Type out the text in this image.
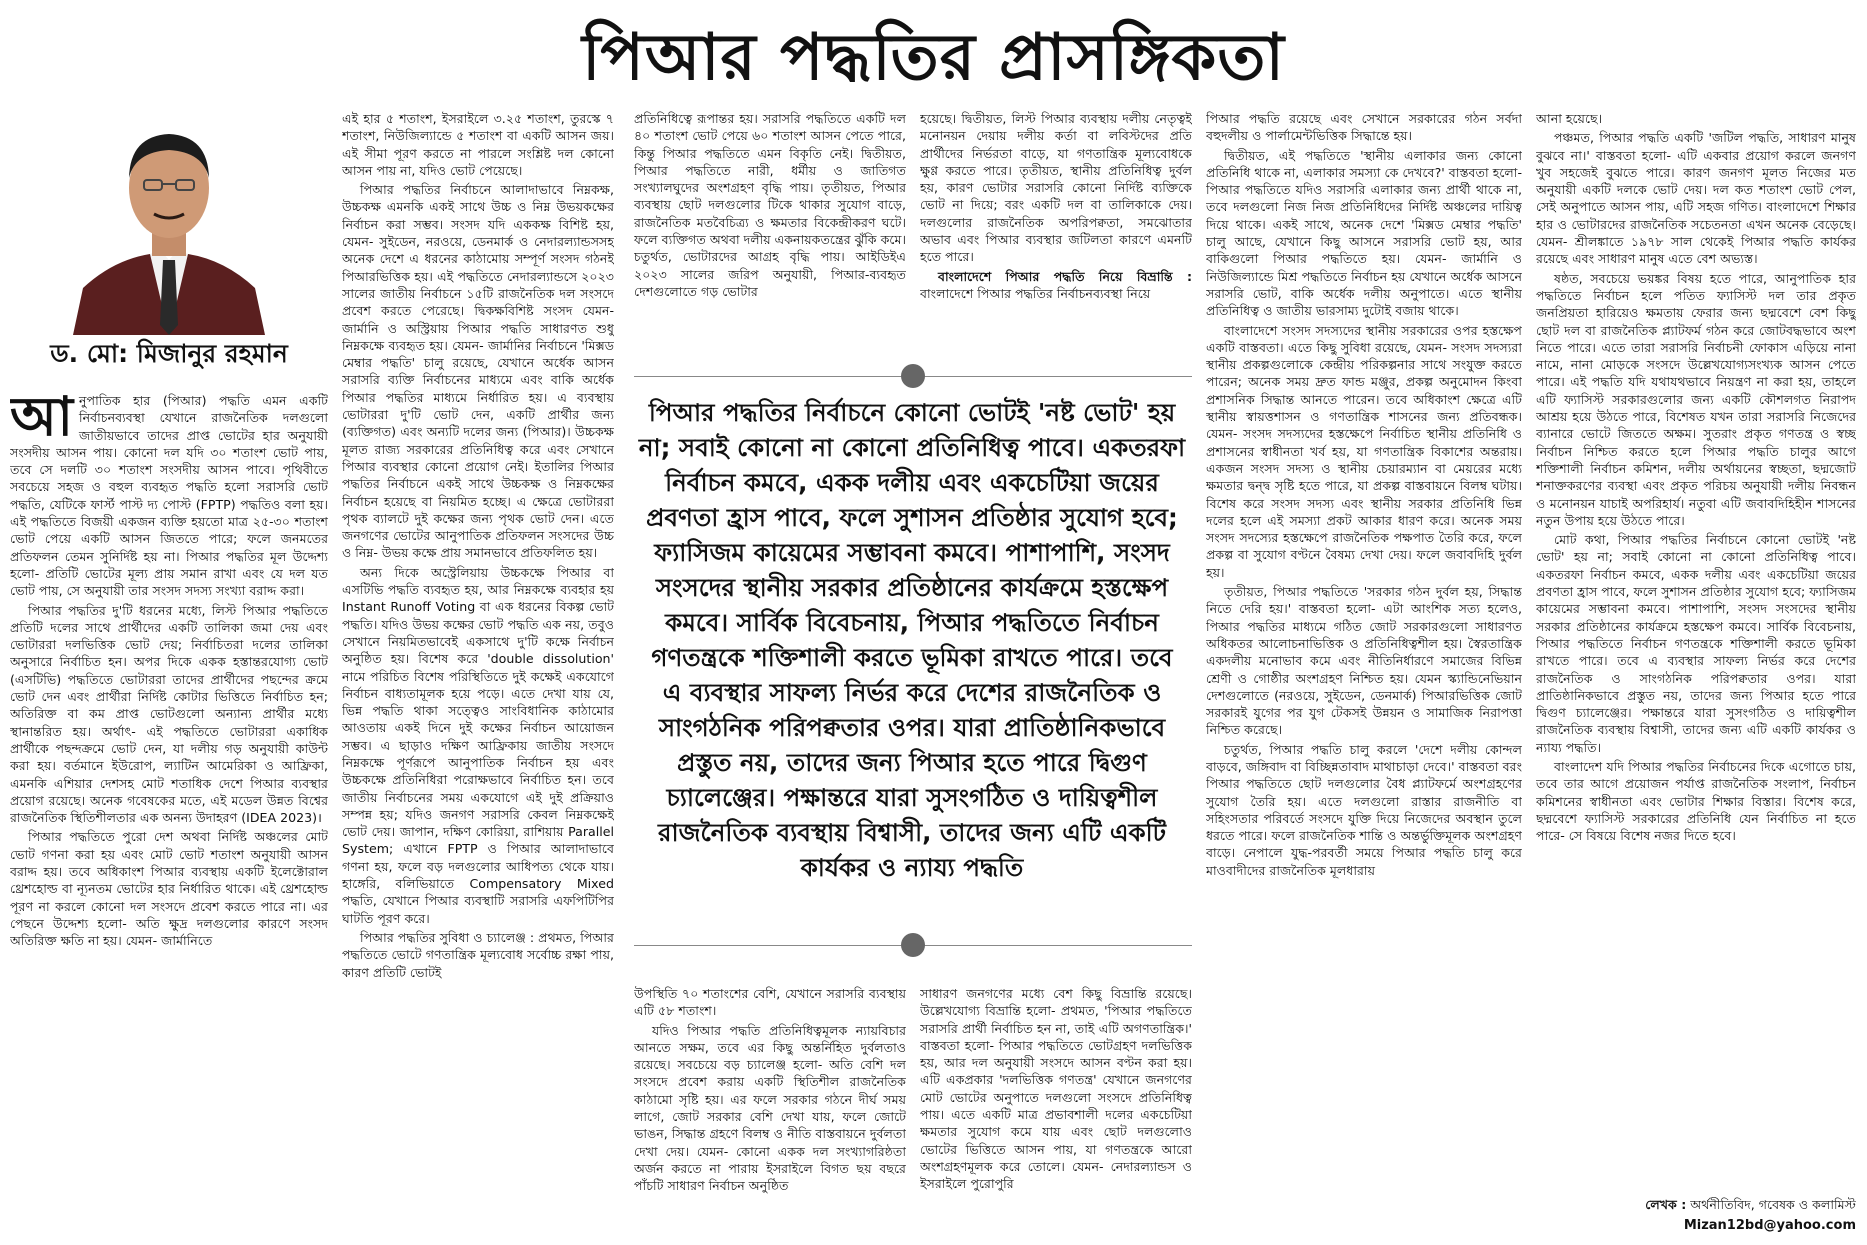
পিআর পদ্ধতির প্রাসঙ্গিকতা
ড. মো: মিজানুর রহমান

আনুপাতিক হার (পিআর) পদ্ধতি এমন একটি নির্বাচনব্যবস্থা যেখানে রাজনৈতিক দলগুলো জাতীয়ভাবে তাদের প্রাপ্ত ভোটের হার অনুযায়ী সংসদীয় আসন পায়। কোনো দল যদি ৩০ শতাংশ ভোট পায়, তবে সে দলটি ৩০ শতাংশ সংসদীয় আসন পাবে। পৃথিবীতে সবচেয়ে সহজ ও বহুল ব্যবহৃত পদ্ধতি হলো সরাসরি ভোট পদ্ধতি, যেটিকে ফার্স্ট পাস্ট দ্য পোস্ট (FPTP) পদ্ধতিও বলা হয়। এই পদ্ধতিতে বিজয়ী একজন ব্যক্তি হয়তো মাত্র ২৫-৩০ শতাংশ ভোট পেয়ে একটি আসন জিততে পারে; ফলে জনমতের প্রতিফলন তেমন সুনির্দিষ্ট হয় না। পিআর পদ্ধতির মূল উদ্দেশ্য হলো- প্রতিটি ভোটের মূল্য প্রায় সমান রাখা এবং যে দল যত ভোট পায়, সে অনুযায়ী তার সংসদ সদস্য সংখ্যা বরাদ্দ করা।

পিআর পদ্ধতির দু'টি ধরনের মধ্যে, লিস্ট পিআর পদ্ধতিতে প্রতিটি দলের সাথে প্রার্থীদের একটি তালিকা জমা দেয় এবং ভোটাররা দলভিত্তিক ভোট দেয়; নির্বাচিতরা দলের তালিকা অনুসারে নির্বাচিত হন। অপর দিকে একক হস্তান্তরযোগ্য ভোট (এসটিভি) পদ্ধতিতে ভোটাররা তাদের প্রার্থীদের পছন্দের ক্রমে ভোট দেন এবং প্রার্থীরা নির্দিষ্ট কোটার ভিত্তিতে নির্বাচিত হন; অতিরিক্ত বা কম প্রাপ্ত ভোটগুলো অন্যান্য প্রার্থীর মধ্যে স্থানান্তরিত হয়। অর্থাৎ- এই পদ্ধতিতে ভোটাররা একাধিক প্রার্থীকে পছন্দক্রমে ভোট দেন, যা দলীয় গড় অনুযায়ী কাউন্ট করা হয়। বর্তমানে ইউরোপ, ল্যাটিন আমেরিকা ও আফ্রিকা, এমনকি এশিয়ার দেশসহ মোট শতাধিক দেশে পিআর ব্যবস্থার প্রয়োগ রয়েছে। অনেক গবেষকের মতে, এই মডেল উন্নত বিশ্বের রাজনৈতিক স্থিতিশীলতার এক অনন্য উদাহরণ (IDEA 2023)।

পিআর পদ্ধতিতে পুরো দেশ অথবা নির্দিষ্ট অঞ্চলের মোট ভোট গণনা করা হয় এবং মোট ভোট শতাংশ অনুযায়ী আসন বরাদ্দ হয়। তবে অধিকাংশ পিআর ব্যবস্থায় একটি ইলেক্টোরাল থ্রেশহোল্ড বা ন্যূনতম ভোটের হার নির্ধারিত থাকে। এই থ্রেশহোল্ড পূরণ না করলে কোনো দল সংসদে প্রবেশ করতে পারে না। এর পেছনে উদ্দেশ্য হলো- অতি ক্ষুদ্র দলগুলোর কারণে সংসদ অতিরিক্ত ক্ষতি না হয়। যেমন- জার্মানিতে

এই হার ৫ শতাংশ, ইসরাইলে ৩.২৫ শতাংশ, তুরস্কে ৭ শতাংশ, নিউজিল্যান্ডে ৫ শতাংশ বা একটি আসন জয়। এই সীমা পূরণ করতে না পারলে সংশ্লিষ্ট দল কোনো আসন পায় না, যদিও ভোট পেয়েছে।

পিআর পদ্ধতির নির্বাচনে আলাদাভাবে নিম্নকক্ষ, উচ্চকক্ষ এমনকি একই সাথে উচ্চ ও নিম্ন উভয়কক্ষের নির্বাচন করা সম্ভব। সংসদ যদি এককক্ষ বিশিষ্ট হয়, যেমন- সুইডেন, নরওয়ে, ডেনমার্ক ও নেদারল্যান্ডসসহ অনেক দেশে এ ধরনের কাঠামোয় সম্পূর্ণ সংসদ গঠনই পিআরভিত্তিক হয়। এই পদ্ধতিতে নেদারল্যান্ডসে ২০২৩ সালের জাতীয় নির্বাচনে ১৫টি রাজনৈতিক দল সংসদে প্রবেশ করতে পেরেছে। দ্বিকক্ষবিশিষ্ট সংসদ যেমন- জার্মানি ও অস্ট্রিয়ায় পিআর পদ্ধতি সাধারণত শুধু নিম্নকক্ষে ব্যবহৃত হয়। যেমন- জার্মানির নির্বাচনে 'মিক্সড মেম্বার পদ্ধতি' চালু রয়েছে, যেখানে অর্ধেক আসন সরাসরি ব্যক্তি নির্বাচনের মাধ্যমে এবং বাকি অর্ধেক পিআর পদ্ধতির মাধ্যমে নির্ধারিত হয়। এ ব্যবস্থায় ভোটাররা দু'টি ভোট দেন, একটি প্রার্থীর জন্য (ব্যক্তিগত) এবং অন্যটি দলের জন্য (পিআর)। উচ্চকক্ষ মূলত রাজ্য সরকারের প্রতিনিধিত্ব করে এবং সেখানে পিআর ব্যবস্থার কোনো প্রয়োগ নেই। ইতালির পিআর পদ্ধতির নির্বাচনে একই সাথে উচ্চকক্ষ ও নিম্নকক্ষের নির্বাচন হয়েছে বা নিয়মিত হচ্ছে। এ ক্ষেত্রে ভোটাররা পৃথক ব্যালটে দুই কক্ষের জন্য পৃথক ভোট দেন। এতে জনগণের ভোটের আনুপাতিক প্রতিফলন সংসদের উচ্চ ও নিম্ন- উভয় কক্ষে প্রায় সমানভাবে প্রতিফলিত হয়।

অন্য দিকে অস্ট্রেলিয়ায় উচ্চকক্ষে পিআর বা এসটিভি পদ্ধতি ব্যবহৃত হয়, আর নিম্নকক্ষে ব্যবহার হয় Instant Runoff Voting বা এক ধরনের বিকল্প ভোট পদ্ধতি। যদিও উভয় কক্ষের ভোট পদ্ধতি এক নয়, তবুও সেখানে নিয়মিতভাবেই একসাথে দু'টি কক্ষে নির্বাচন অনুষ্ঠিত হয়। বিশেষ করে 'double dissolution' নামে পরিচিত বিশেষ পরিস্থিতিতে দুই কক্ষেই একযোগে নির্বাচন বাধ্যতামূলক হয়ে পড়ে। এতে দেখা যায় যে, ভিন্ন পদ্ধতি থাকা সত্ত্বেও সাংবিধানিক কাঠামোর আওতায় একই দিনে দুই কক্ষের নির্বাচন আয়োজন সম্ভব। এ ছাড়াও দক্ষিণ আফ্রিকায় জাতীয় সংসদে নিম্নকক্ষে পূর্ণরূপে আনুপাতিক নির্বাচন হয় এবং উচ্চকক্ষে প্রতিনিধিরা পরোক্ষভাবে নির্বাচিত হন। তবে জাতীয় নির্বাচনের সময় একযোগে এই দুই প্রক্রিয়াও সম্পন্ন হয়; যদিও জনগণ সরাসরি কেবল নিম্নকক্ষেই ভোট দেয়। জাপান, দক্ষিণ কোরিয়া, রাশিয়ায় Parallel System; এখানে FPTP ও পিআর আলাদাভাবে গণনা হয়, ফলে বড় দলগুলোর আধিপত্য থেকে যায়। হাঙ্গেরি, বলিভিয়াতে Compensatory Mixed পদ্ধতি, যেখানে পিআর ব্যবস্থাটি সরাসরি এফপিটিপির ঘাটতি পূরণ করে।

পিআর পদ্ধতির সুবিধা ও চ্যালেঞ্জ : প্রথমত, পিআর পদ্ধতিতে ভোটে গণতান্ত্রিক মূল্যবোধ সর্বোচ্চ রক্ষা পায়, কারণ প্রতিটি ভোটই

প্রতিনিধিত্বে রূপান্তর হয়। সরাসরি পদ্ধতিতে একটি দল ৪০ শতাংশ ভোট পেয়ে ৬০ শতাংশ আসন পেতে পারে, কিন্তু পিআর পদ্ধতিতে এমন বিকৃতি নেই। দ্বিতীয়ত, পিআর পদ্ধতিতে নারী, ধর্মীয় ও জাতিগত সংখ্যালঘুদের অংশগ্রহণ বৃদ্ধি পায়। তৃতীয়ত, পিআর ব্যবস্থায় ছোট দলগুলোর টিকে থাকার সুযোগ বাড়ে, রাজনৈতিক মতবৈচিত্র্য ও ক্ষমতার বিকেন্দ্রীকরণ ঘটে। ফলে ব্যক্তিগত অথবা দলীয় একনায়কতন্ত্রের ঝুঁকি কমে। চতুর্থত, ভোটারদের আগ্রহ বৃদ্ধি পায়। আইডিইএ ২০২৩ সালের জরিপ অনুযায়ী, পিআর-ব্যবহৃত দেশগুলোতে গড় ভোটার

হয়েছে। দ্বিতীয়ত, লিস্ট পিআর ব্যবস্থায় দলীয় নেতৃত্বই মনোনয়ন দেয়ায় দলীয় কর্তা বা লবিস্টদের প্রতি প্রার্থীদের নির্ভরতা বাড়ে, যা গণতান্ত্রিক মূল্যবোধকে ক্ষুণ্ণ করতে পারে। তৃতীয়ত, স্থানীয় প্রতিনিধিত্ব দুর্বল হয়, কারণ ভোটার সরাসরি কোনো নির্দিষ্ট ব্যক্তিকে ভোট না দিয়ে; বরং একটি দল বা তালিকাকে দেয়। দলগুলোর রাজনৈতিক অপরিপক্বতা, সমঝোতার অভাব এবং পিআর ব্যবস্থার জটিলতা কারণে এমনটি হতে পারে।

বাংলাদেশে পিআর পদ্ধতি নিয়ে বিভ্রান্তি : বাংলাদেশে পিআর পদ্ধতির নির্বাচনব্যবস্থা নিয়ে

পিআর পদ্ধতির নির্বাচনে কোনো ভোটই 'নষ্ট ভোট' হয় না; সবাই কোনো না কোনো প্রতিনিধিত্ব পাবে। একতরফা নির্বাচন কমবে, একক দলীয় এবং একচেটিয়া জয়ের প্রবণতা হ্রাস পাবে, ফলে সুশাসন প্রতিষ্ঠার সুযোগ হবে; ফ্যাসিজম কায়েমের সম্ভাবনা কমবে। পাশাপাশি, সংসদ সংসদের স্থানীয় সরকার প্রতিষ্ঠানের কার্যক্রমে হস্তক্ষেপ কমবে। সার্বিক বিবেচনায়, পিআর পদ্ধতিতে নির্বাচন গণতন্ত্রকে শক্তিশালী করতে ভূমিকা রাখতে পারে। তবে এ ব্যবস্থার সাফল্য নির্ভর করে দেশের রাজনৈতিক ও সাংগঠনিক পরিপক্বতার ওপর। যারা প্রাতিষ্ঠানিকভাবে প্রস্তুত নয়, তাদের জন্য পিআর হতে পারে দ্বিগুণ চ্যালেঞ্জের। পক্ষান্তরে যারা সুসংগঠিত ও দায়িত্বশীল রাজনৈতিক ব্যবস্থায় বিশ্বাসী, তাদের জন্য এটি একটি কার্যকর ও ন্যায্য পদ্ধতি

উপস্থিতি ৭০ শতাংশের বেশি, যেখানে সরাসরি ব্যবস্থায় এটি ৫৮ শতাংশ।

যদিও পিআর পদ্ধতি প্রতিনিধিত্বমূলক ন্যায়বিচার আনতে সক্ষম, তবে এর কিছু অন্তর্নিহিত দুর্বলতাও রয়েছে। সবচেয়ে বড় চ্যালেঞ্জ হলো- অতি বেশি দল সংসদে প্রবেশ করায় একটি স্থিতিশীল রাজনৈতিক কাঠামো সৃষ্টি হয়। এর ফলে সরকার গঠনে দীর্ঘ সময় লাগে, জোট সরকার বেশি দেখা যায়, ফলে জোটে ভাঙন, সিদ্ধান্ত গ্রহণে বিলম্ব ও নীতি বাস্তবায়নে দুর্বলতা দেখা দেয়। যেমন- কোনো একক দল সংখ্যাগরিষ্ঠতা অর্জন করতে না পারায় ইসরাইলে বিগত ছয় বছরে পাঁচটি সাধারণ নির্বাচন অনুষ্ঠিত

সাধারণ জনগণের মধ্যে বেশ কিছু বিভ্রান্তি রয়েছে। উল্লেখযোগ্য বিভ্রান্তি হলো- প্রথমত, 'পিআর পদ্ধতিতে সরাসরি প্রার্থী নির্বাচিত হন না, তাই এটি অগণতান্ত্রিক।' বাস্তবতা হলো- পিআর পদ্ধতিতে ভোটগ্রহণ দলভিত্তিক হয়, আর দল অনুযায়ী সংসদে আসন বণ্টন করা হয়। এটি একপ্রকার 'দলভিত্তিক গণতন্ত্র' যেখানে জনগণের মোট ভোটের অনুপাতে দলগুলো সংসদে প্রতিনিধিত্ব পায়। এতে একটি মাত্র প্রভাবশালী দলের একচেটিয়া ক্ষমতার সুযোগ কমে যায় এবং ছোট দলগুলোও ভোটের ভিত্তিতে আসন পায়, যা গণতন্ত্রকে আরো অংশগ্রহণমূলক করে তোলে। যেমন- নেদারল্যান্ডস ও ইসরাইলে পুরোপুরি

পিআর পদ্ধতি রয়েছে এবং সেখানে সরকারের গঠন সর্বদা বহুদলীয় ও পার্লামেন্টভিত্তিক সিদ্ধান্তে হয়।

দ্বিতীয়ত, এই পদ্ধতিতে 'স্থানীয় এলাকার জন্য কোনো প্রতিনিধি থাকে না, এলাকার সমস্যা কে দেখবে?' বাস্তবতা হলো- পিআর পদ্ধতিতে যদিও সরাসরি এলাকার জন্য প্রার্থী থাকে না, তবে দলগুলো নিজ নিজ প্রতিনিধিদের নির্দিষ্ট অঞ্চলের দায়িত্ব দিয়ে থাকে। একই সাথে, অনেক দেশে 'মিক্সড মেম্বার পদ্ধতি' চালু আছে, যেখানে কিছু আসনে সরাসরি ভোট হয়, আর বাকিগুলো পিআর পদ্ধতিতে হয়। যেমন- জার্মানি ও নিউজিল্যান্ডে মিশ্র পদ্ধতিতে নির্বাচন হয় যেখানে অর্ধেক আসনে সরাসরি ভোট, বাকি অর্ধেক দলীয় অনুপাতে। এতে স্থানীয় প্রতিনিধিত্ব ও জাতীয় ভারসাম্য দুটোই বজায় থাকে।

বাংলাদেশে সংসদ সদস্যদের স্থানীয় সরকারের ওপর হস্তক্ষেপ একটি বাস্তবতা। এতে কিছু সুবিধা রয়েছে, যেমন- সংসদ সদস্যরা স্থানীয় প্রকল্পগুলোকে কেন্দ্রীয় পরিকল্পনার সাথে সংযুক্ত করতে পারেন; অনেক সময় দ্রুত ফান্ড মঞ্জুর, প্রকল্প অনুমোদন কিংবা প্রশাসনিক সিদ্ধান্ত আনতে পারেন। তবে অধিকাংশ ক্ষেত্রে এটি স্থানীয় স্বায়ত্তশাসন ও গণতান্ত্রিক শাসনের জন্য প্রতিবন্ধক। যেমন- সংসদ সদস্যদের হস্তক্ষেপে নির্বাচিত স্থানীয় প্রতিনিধি ও প্রশাসনের স্বাধীনতা খর্ব হয়, যা গণতান্ত্রিক বিকাশের অন্তরায়। একজন সংসদ সদস্য ও স্থানীয় চেয়ারম্যান বা মেয়রের মধ্যে ক্ষমতার দ্বন্দ্ব সৃষ্টি হতে পারে, যা প্রকল্প বাস্তবায়নে বিলম্ব ঘটায়। বিশেষ করে সংসদ সদস্য এবং স্থানীয় সরকার প্রতিনিধি ভিন্ন দলের হলে এই সমস্যা প্রকট আকার ধারণ করে। অনেক সময় সংসদ সদস্যের হস্তক্ষেপে রাজনৈতিক পক্ষপাত তৈরি করে, ফলে প্রকল্প বা সুযোগ বণ্টনে বৈষম্য দেখা দেয়। ফলে জবাবদিহি দুর্বল হয়।

তৃতীয়ত, পিআর পদ্ধতিতে 'সরকার গঠন দুর্বল হয়, সিদ্ধান্ত নিতে দেরি হয়।' বাস্তবতা হলো- এটা আংশিক সত্য হলেও, পিআর পদ্ধতির মাধ্যমে গঠিত জোট সরকারগুলো সাধারণত অধিকতর আলোচনাভিত্তিক ও প্রতিনিধিত্বশীল হয়। স্বৈরতান্ত্রিক একদলীয় মনোভাব কমে এবং নীতিনির্ধারণে সমাজের বিভিন্ন শ্রেণী ও গোষ্ঠীর অংশগ্রহণ নিশ্চিত হয়। যেমন স্ক্যান্ডিনেভিয়ান দেশগুলোতে (নরওয়ে, সুইডেন, ডেনমার্ক) পিআরভিত্তিক জোট সরকারই যুগের পর যুগ টেকসই উন্নয়ন ও সামাজিক নিরাপত্তা নিশ্চিত করেছে।

চতুর্থত, পিআর পদ্ধতি চালু করলে 'দেশে দলীয় কোন্দল বাড়বে, জঙ্গিবাদ বা বিচ্ছিন্নতাবাদ মাথাচাড়া দেবে।' বাস্তবতা বরং পিআর পদ্ধতিতে ছোট দলগুলোর বৈধ প্ল্যাটফর্মে অংশগ্রহণের সুযোগ তৈরি হয়। এতে দলগুলো রাস্তার রাজনীতি বা সহিংসতার পরিবর্তে সংসদে যুক্তি দিয়ে নিজেদের অবস্থান তুলে ধরতে পারে। ফলে রাজনৈতিক শান্তি ও অন্তর্ভুক্তিমূলক অংশগ্রহণ বাড়ে। নেপালে যুদ্ধ-পরবর্তী সময়ে পিআর পদ্ধতি চালু করে মাওবাদীদের রাজনৈতিক মূলধারায়

আনা হয়েছে।

পঞ্চমত, পিআর পদ্ধতি একটি 'জটিল পদ্ধতি, সাধারণ মানুষ বুঝবে না।' বাস্তবতা হলো- এটি একবার প্রয়োগ করলে জনগণ খুব সহজেই বুঝতে পারে। কারণ জনগণ মূলত নিজের মত অনুযায়ী একটি দলকে ভোট দেয়। দল কত শতাংশ ভোট পেল, সেই অনুপাতে আসন পায়, এটি সহজ গণিত। বাংলাদেশে শিক্ষার হার ও ভোটারদের রাজনৈতিক সচেতনতা এখন অনেক বেড়েছে। যেমন- শ্রীলঙ্কাতে ১৯৭৮ সাল থেকেই পিআর পদ্ধতি কার্যকর রয়েছে এবং সাধারণ মানুষ এতে বেশ অভ্যস্ত।

ষষ্ঠত, সবচেয়ে ভয়ঙ্কর বিষয় হতে পারে, আনুপাতিক হার পদ্ধতিতে নির্বাচন হলে পতিত ফ্যাসিস্ট দল তার প্রকৃত জনপ্রিয়তা হারিয়েও ক্ষমতায় ফেরার জন্য ছদ্মবেশে বেশ কিছু ছোট দল বা রাজনৈতিক প্ল্যাটফর্ম গঠন করে জোটবদ্ধভাবে অংশ নিতে পারে। এতে তারা সরাসরি নির্বাচনী ফোকাস এড়িয়ে নানা নামে, নানা মোড়কে সংসদে উল্লেখযোগ্যসংখ্যক আসন পেতে পারে। এই পদ্ধতি যদি যথাযথভাবে নিয়ন্ত্রণ না করা হয়, তাহলে এটি ফ্যাসিস্ট সরকারগুলোর জন্য একটি কৌশলগত নিরাপদ আশ্রয় হয়ে উঠতে পারে, বিশেষত যখন তারা সরাসরি নিজেদের ব্যানারে ভোটে জিততে অক্ষম। সুতরাং প্রকৃত গণতন্ত্র ও স্বচ্ছ নির্বাচন নিশ্চিত করতে হলে পিআর পদ্ধতি চালুর আগে শক্তিশালী নির্বাচন কমিশন, দলীয় অর্থায়নের স্বচ্ছতা, ছদ্মজোট শনাক্তকরণের ব্যবস্থা এবং প্রকৃত পরিচয় অনুযায়ী দলীয় নিবন্ধন ও মনোনয়ন যাচাই অপরিহার্য। নতুবা এটি জবাবদিহিহীন শাসনের নতুন উপায় হয়ে উঠতে পারে।

মোট কথা, পিআর পদ্ধতির নির্বাচনে কোনো ভোটই 'নষ্ট ভোট' হয় না; সবাই কোনো না কোনো প্রতিনিধিত্ব পাবে। একতরফা নির্বাচন কমবে, একক দলীয় এবং একচেটিয়া জয়ের প্রবণতা হ্রাস পাবে, ফলে সুশাসন প্রতিষ্ঠার সুযোগ হবে; ফ্যাসিজম কায়েমের সম্ভাবনা কমবে। পাশাপাশি, সংসদ সংসদের স্থানীয় সরকার প্রতিষ্ঠানের কার্যক্রমে হস্তক্ষেপ কমবে। সার্বিক বিবেচনায়, পিআর পদ্ধতিতে নির্বাচন গণতন্ত্রকে শক্তিশালী করতে ভূমিকা রাখতে পারে। তবে এ ব্যবস্থার সাফল্য নির্ভর করে দেশের রাজনৈতিক ও সাংগঠনিক পরিপক্বতার ওপর। যারা প্রাতিষ্ঠানিকভাবে প্রস্তুত নয়, তাদের জন্য পিআর হতে পারে দ্বিগুণ চ্যালেঞ্জের। পক্ষান্তরে যারা সুসংগঠিত ও দায়িত্বশীল রাজনৈতিক ব্যবস্থায় বিশ্বাসী, তাদের জন্য এটি একটি কার্যকর ও ন্যায্য পদ্ধতি।

বাংলাদেশ যদি পিআর পদ্ধতির নির্বাচনের দিকে এগোতে চায়, তবে তার আগে প্রয়োজন পর্যাপ্ত রাজনৈতিক সংলাপ, নির্বাচন কমিশনের স্বাধীনতা এবং ভোটার শিক্ষার বিস্তার। বিশেষ করে, ছদ্মবেশে ফ্যাসিস্ট সরকারের প্রতিনিধি যেন নির্বাচিত না হতে পারে- সে বিষয়ে বিশেষ নজর দিতে হবে।

লেখক : অর্থনীতিবিদ, গবেষক ও কলামিস্ট
Mizan12bd@yahoo.com
